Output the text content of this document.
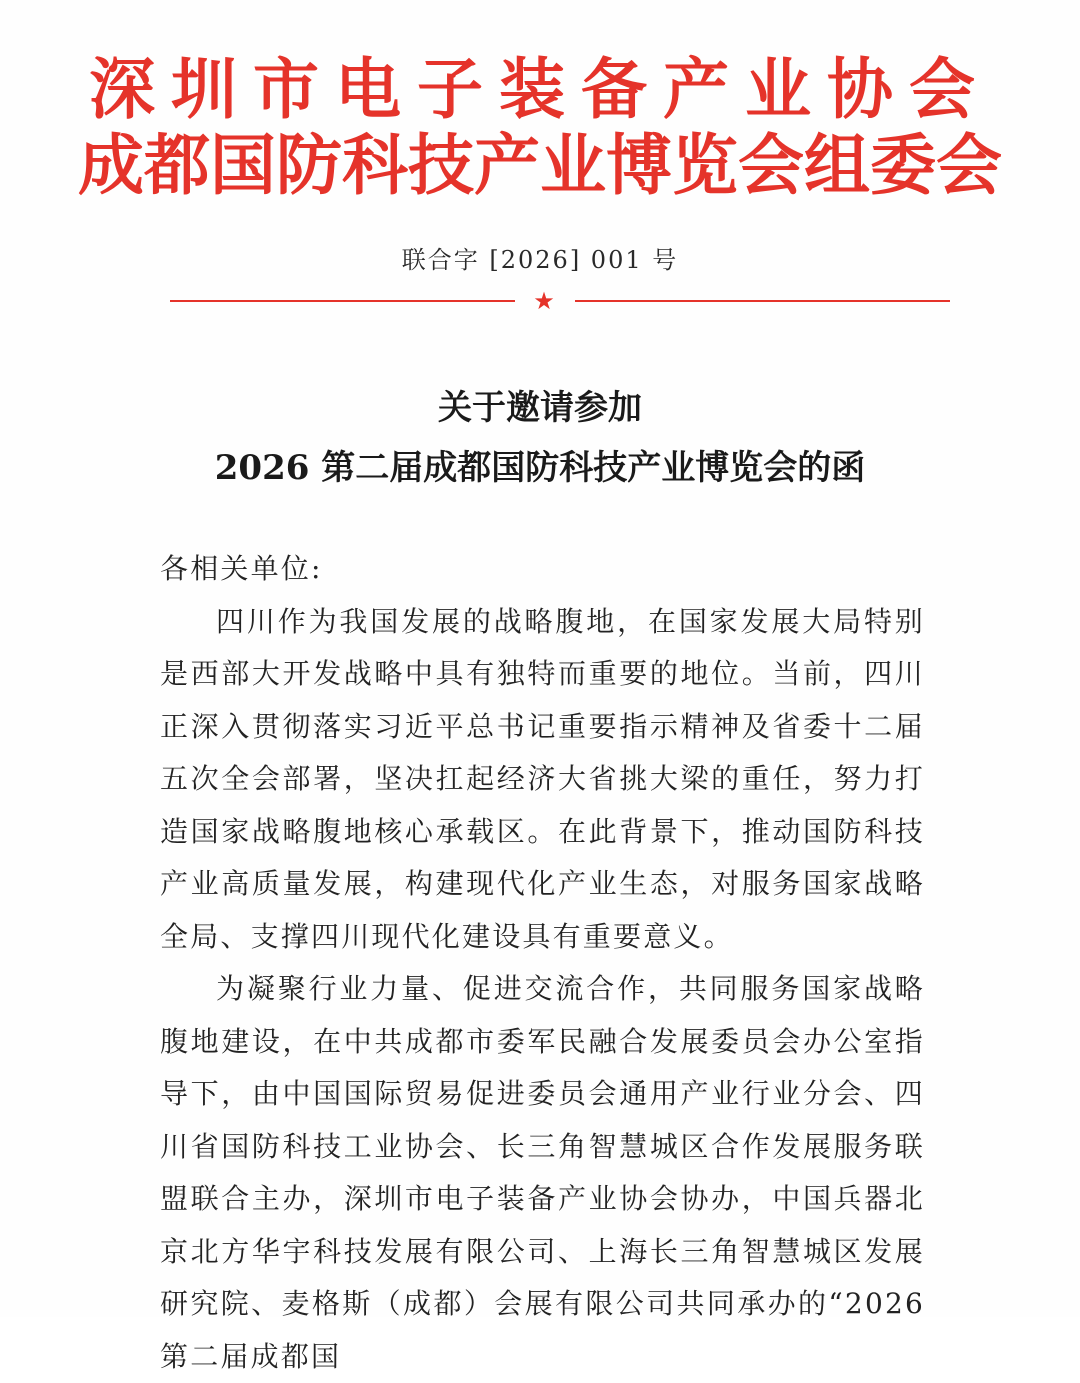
深圳市电子装备产业协会
成都国防科技产业博览会组委会
联合字 [2026] 001 号
★
关于邀请参加
2026 第二届成都国防科技产业博览会的函

各相关单位:

四川作为我国发展的战略腹地，在国家发展大局特别是西部大开发战略中具有独特而重要的地位。当前，四川正深入贯彻落实习近平总书记重要指示精神及省委十二届五次全会部署，坚决扛起经济大省挑大梁的重任，努力打造国家战略腹地核心承载区。在此背景下，推动国防科技产业高质量发展，构建现代化产业生态，对服务国家战略全局、支撑四川现代化建设具有重要意义。

为凝聚行业力量、促进交流合作，共同服务国家战略腹地建设，在中共成都市委军民融合发展委员会办公室指导下，由中国国际贸易促进委员会通用产业行业分会、四川省国防科技工业协会、长三角智慧城区合作发展服务联盟联合主办，深圳市电子装备产业协会协办，中国兵器北京北方华宇科技发展有限公司、上海长三角智慧城区发展研究院、麦格斯（成都）会展有限公司共同承办的“2026 第二届成都国
